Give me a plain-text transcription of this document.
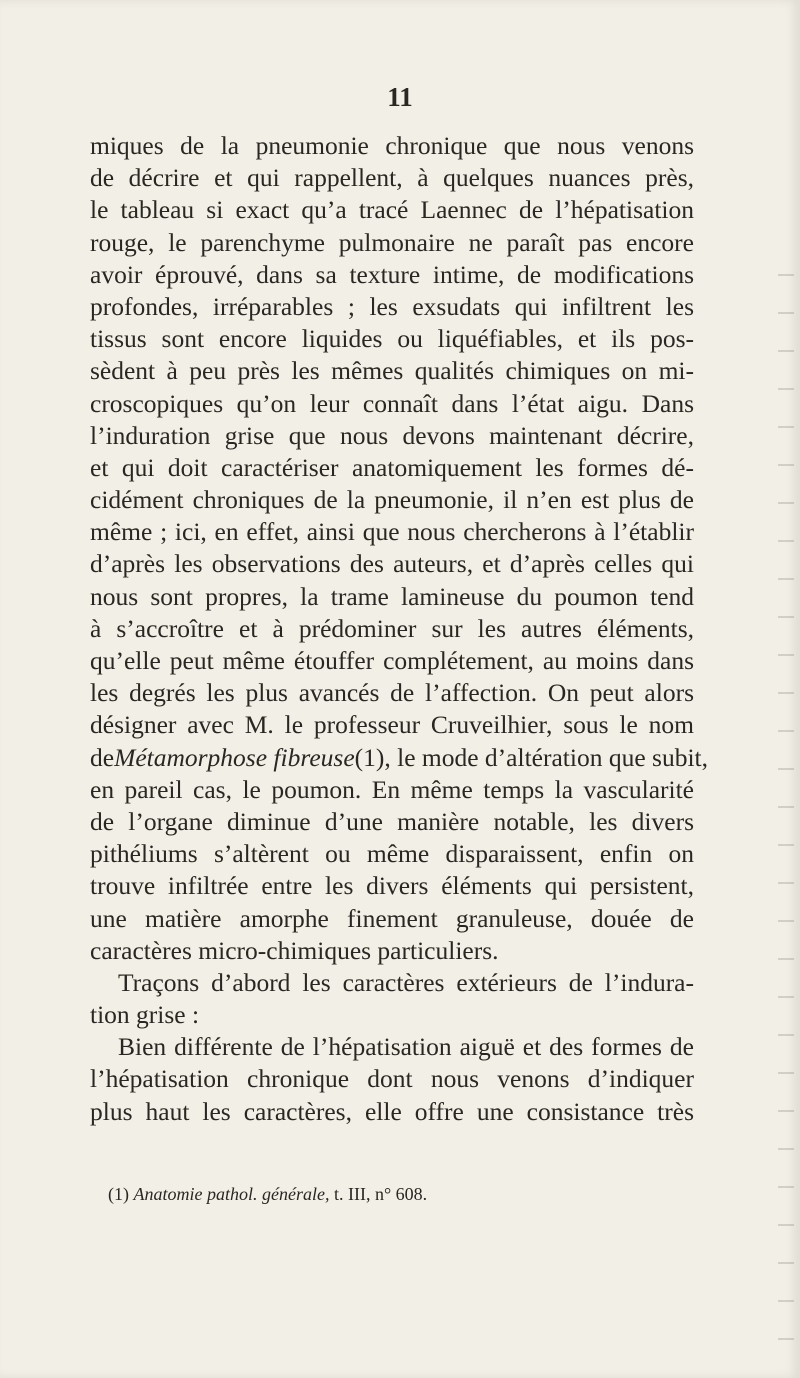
11
miques de la pneumonie chronique que nous venons
de décrire et qui rappellent, à quelques nuances près,
le tableau si exact qu’a tracé Laennec de l’hépatisation
rouge, le parenchyme pulmonaire ne paraît pas encore
avoir éprouvé, dans sa texture intime, de modifications
profondes, irréparables ; les exsudats qui infiltrent les
tissus sont encore liquides ou liquéfiables, et ils pos-
sèdent à peu près les mêmes qualités chimiques on mi-
croscopiques qu’on leur connaît dans l’état aigu. Dans
l’induration grise que nous devons maintenant décrire,
et qui doit caractériser anatomiquement les formes dé-
cidément chroniques de la pneumonie, il n’en est plus de
même ; ici, en effet, ainsi que nous chercherons à l’établir
d’après les observations des auteurs, et d’après celles qui
nous sont propres, la trame lamineuse du poumon tend
à s’accroître et à prédominer sur les autres éléments,
qu’elle peut même étouffer complétement, au moins dans
les degrés les plus avancés de l’affection. On peut alors
désigner avec M. le professeur Cruveilhier, sous le nom
de Métamorphose fibreuse (1), le mode d’altération que subit,
en pareil cas, le poumon. En même temps la vascularité
de l’organe diminue d’une manière notable, les divers
pithéliums s’altèrent ou même disparaissent, enfin on
trouve infiltrée entre les divers éléments qui persistent,
une matière amorphe finement granuleuse, douée de
caractères micro-chimiques particuliers.
Traçons d’abord les caractères extérieurs de l’indura-
tion grise :
Bien différente de l’hépatisation aiguë et des formes de
l’hépatisation chronique dont nous venons d’indiquer
plus haut les caractères, elle offre une consistance très
(1) Anatomie pathol. générale, t. III, n° 608.
